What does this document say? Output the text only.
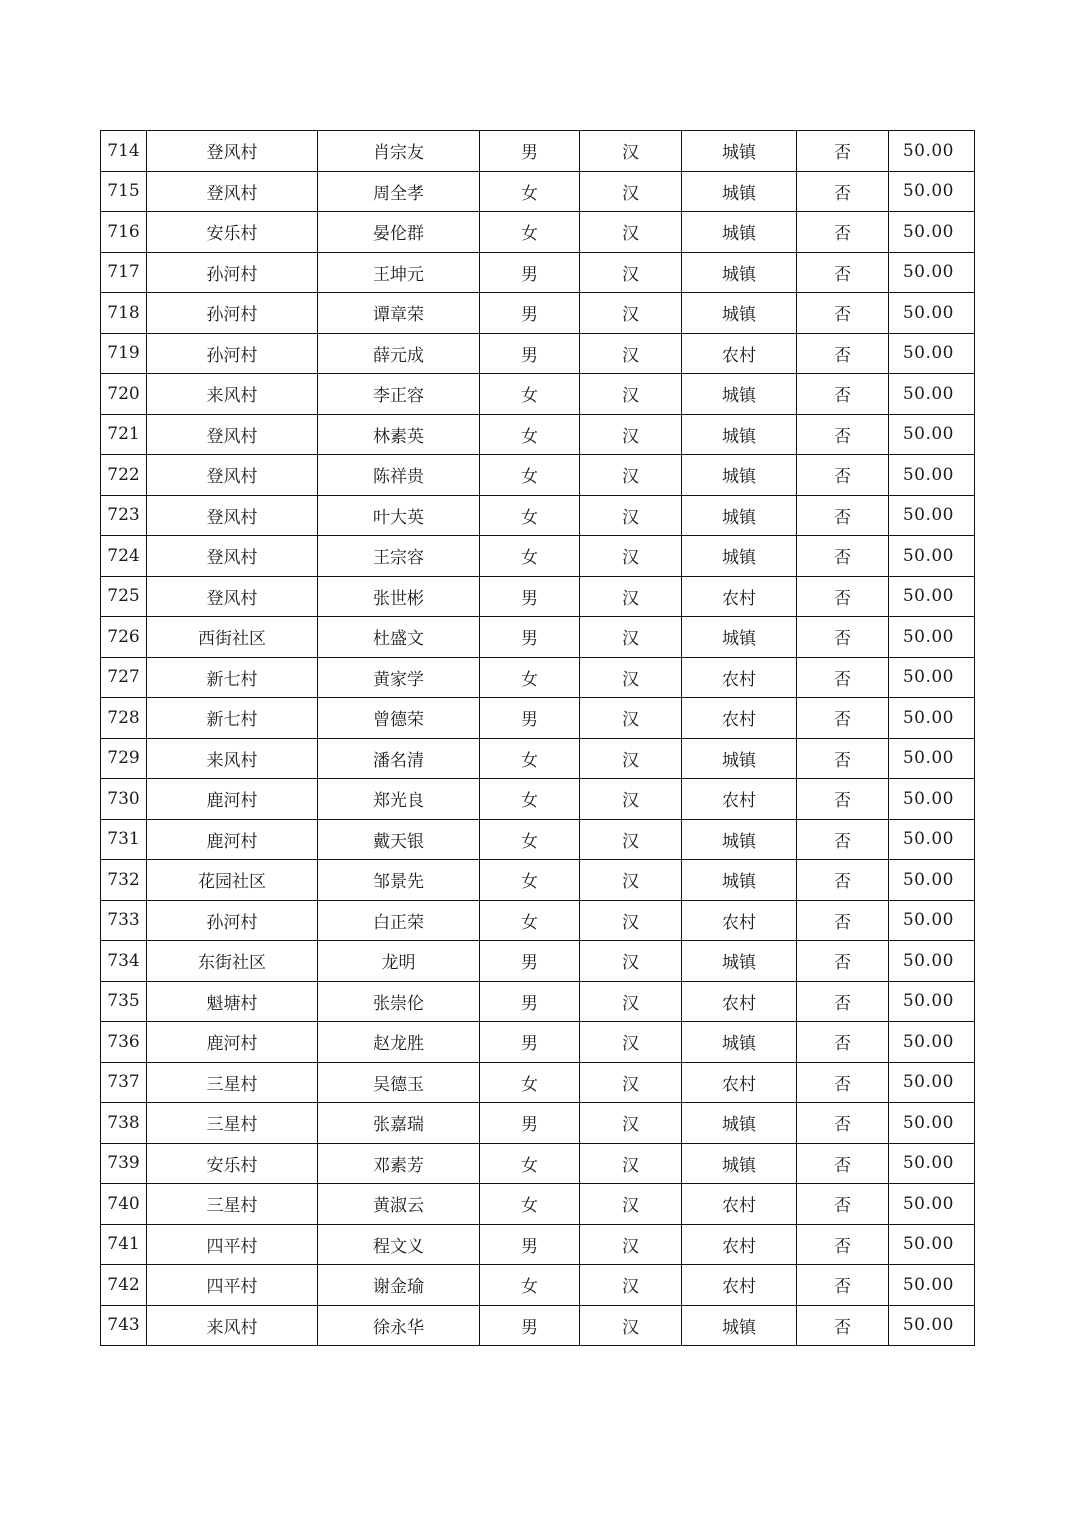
714	登风村	肖宗友	男	汉	城镇	否	50.00
715	登风村	周全孝	女	汉	城镇	否	50.00
716	安乐村	晏伦群	女	汉	城镇	否	50.00
717	孙河村	王坤元	男	汉	城镇	否	50.00
718	孙河村	谭章荣	男	汉	城镇	否	50.00
719	孙河村	薛元成	男	汉	农村	否	50.00
720	来风村	李正容	女	汉	城镇	否	50.00
721	登风村	林素英	女	汉	城镇	否	50.00
722	登风村	陈祥贵	女	汉	城镇	否	50.00
723	登风村	叶大英	女	汉	城镇	否	50.00
724	登风村	王宗容	女	汉	城镇	否	50.00
725	登风村	张世彬	男	汉	农村	否	50.00
726	西街社区	杜盛文	男	汉	城镇	否	50.00
727	新七村	黄家学	女	汉	农村	否	50.00
728	新七村	曾德荣	男	汉	农村	否	50.00
729	来风村	潘名清	女	汉	城镇	否	50.00
730	鹿河村	郑光良	女	汉	农村	否	50.00
731	鹿河村	戴天银	女	汉	城镇	否	50.00
732	花园社区	邹景先	女	汉	城镇	否	50.00
733	孙河村	白正荣	女	汉	农村	否	50.00
734	东街社区	龙明	男	汉	城镇	否	50.00
735	魁塘村	张崇伦	男	汉	农村	否	50.00
736	鹿河村	赵龙胜	男	汉	城镇	否	50.00
737	三星村	吴德玉	女	汉	农村	否	50.00
738	三星村	张嘉瑞	男	汉	城镇	否	50.00
739	安乐村	邓素芳	女	汉	城镇	否	50.00
740	三星村	黄淑云	女	汉	农村	否	50.00
741	四平村	程文义	男	汉	农村	否	50.00
742	四平村	谢金瑜	女	汉	农村	否	50.00
743	来风村	徐永华	男	汉	城镇	否	50.00
